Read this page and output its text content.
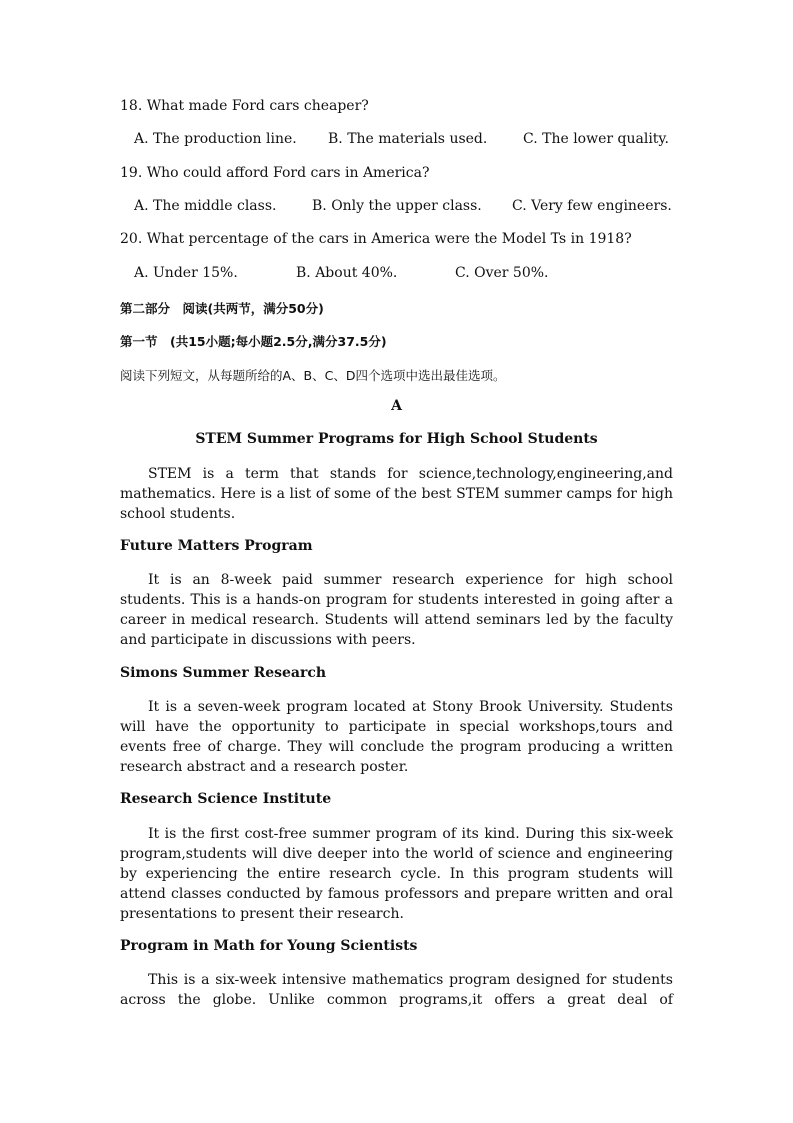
18. What made Ford cars cheaper?
A. The production line. B. The materials used.	C. The lower quality.
19. Who could afford Ford cars in America?
A. The middle class.	B. Only the upper class. C. Very few engineers.
20. What percentage of the cars in America were the Model Ts in 1918?
A. Under 15%.	B. About 40%.	C. Over 50%.
第二部分　阅读(共两节，满分50分)
第一节　(共15小题;每小题2.5分,满分37.5分)
阅读下列短文，从每题所给的A、B、C、D四个选项中选出最佳选项。
A
STEM Summer Programs for High School Students

STEM is a term that stands for science,technology,engineering,and mathematics. Here is a list of some of the best STEM summer camps for high school students.

Future Matters Program

It is an 8-week paid summer research experience for high school students. This is a hands-on program for students interested in going after a career in medical research. Students will attend seminars led by the faculty and participate in discussions with peers.

Simons Summer Research

It is a seven-week program located at Stony Brook University. Students will have the opportunity to participate in special workshops,tours and events free of charge. They will conclude the program producing a written research abstract and a research poster.

Research Science Institute

It is the first cost-free summer program of its kind. During this six-week program,students will dive deeper into the world of science and engineering by experiencing the entire research cycle. In this program students will attend classes conducted by famous professors and prepare written and oral presentations to present their research.

Program in Math for Young Scientists

This is a six-week intensive mathematics program designed for students across the globe. Unlike common programs,it offers a great deal of
